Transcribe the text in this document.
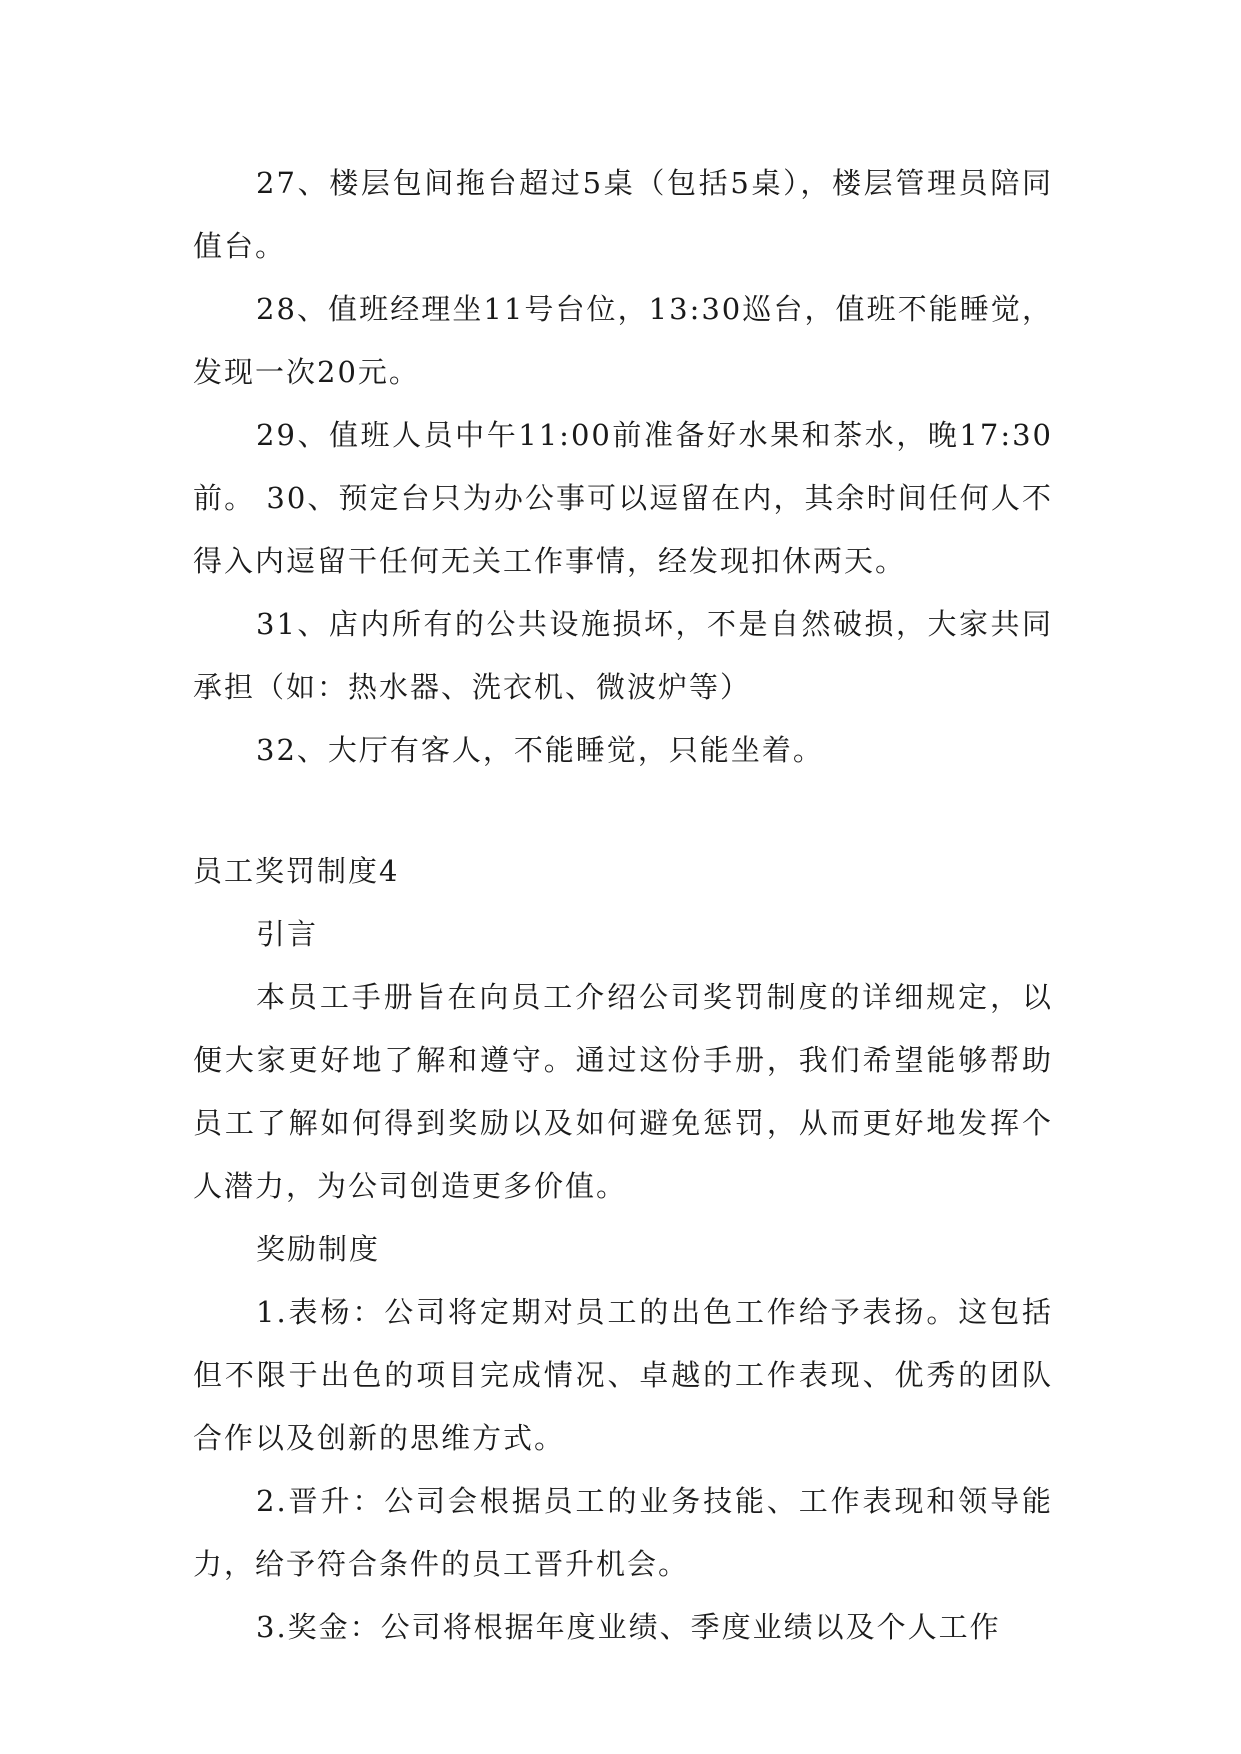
27、楼层包间拖台超过5桌（包括5桌），楼层管理员陪同值台。

28、值班经理坐11号台位，13:30巡台，值班不能睡觉，发现一次20元。

29、值班人员中午11:00前准备好水果和茶水，晚17:30前。 30、预定台只为办公事可以逗留在内，其余时间任何人不得入内逗留干任何无关工作事情，经发现扣休两天。

31、店内所有的公共设施损坏，不是自然破损，大家共同承担（如：热水器、洗衣机、微波炉等）

32、大厅有客人，不能睡觉，只能坐着。

员工奖罚制度4

引言

本员工手册旨在向员工介绍公司奖罚制度的详细规定，以便大家更好地了解和遵守。通过这份手册，我们希望能够帮助员工了解如何得到奖励以及如何避免惩罚，从而更好地发挥个人潜力，为公司创造更多价值。

奖励制度

1.表杨：公司将定期对员工的出色工作给予表扬。这包括但不限于出色的项目完成情况、卓越的工作表现、优秀的团队合作以及创新的思维方式。

2.晋升：公司会根据员工的业务技能、工作表现和领导能力，给予符合条件的员工晋升机会。

3.奖金：公司将根据年度业绩、季度业绩以及个人工作
